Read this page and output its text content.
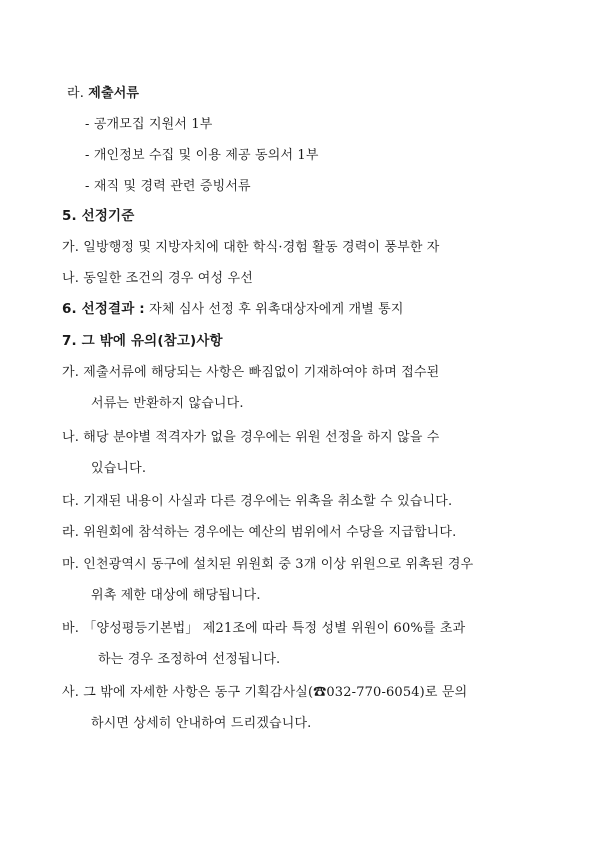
라. 제출서류
- 공개모집 지원서 1부
- 개인정보 수집 및 이용 제공 동의서 1부
- 재직 및 경력 관련 증빙서류
5. 선정기준
가. 일방행정 및 지방자치에 대한 학식·경험 활동 경력이 풍부한 자
나. 동일한 조건의 경우 여성 우선
6. 선정결과 : 자체 심사 선정 후 위촉대상자에게 개별 통지
7. 그 밖에 유의(참고)사항
가. 제출서류에 해당되는 사항은 빠짐없이 기재하여야 하며 접수된
서류는 반환하지 않습니다.
나. 해당 분야별 적격자가 없을 경우에는 위원 선정을 하지 않을 수
있습니다.
다. 기재된 내용이 사실과 다른 경우에는 위촉을 취소할 수 있습니다.
라. 위원회에 참석하는 경우에는 예산의 범위에서 수당을 지급합니다.
마. 인천광역시 동구에 설치된 위원회 중 3개 이상 위원으로 위촉된 경우
위촉 제한 대상에 해당됩니다.
바. 「양성평등기본법」 제21조에 따라 특정 성별 위원이 60%를 초과
하는 경우 조정하여 선정됩니다.
사. 그 밖에 자세한 사항은 동구 기획감사실(☎032-770-6054)로 문의
하시면 상세히 안내하여 드리겠습니다.
